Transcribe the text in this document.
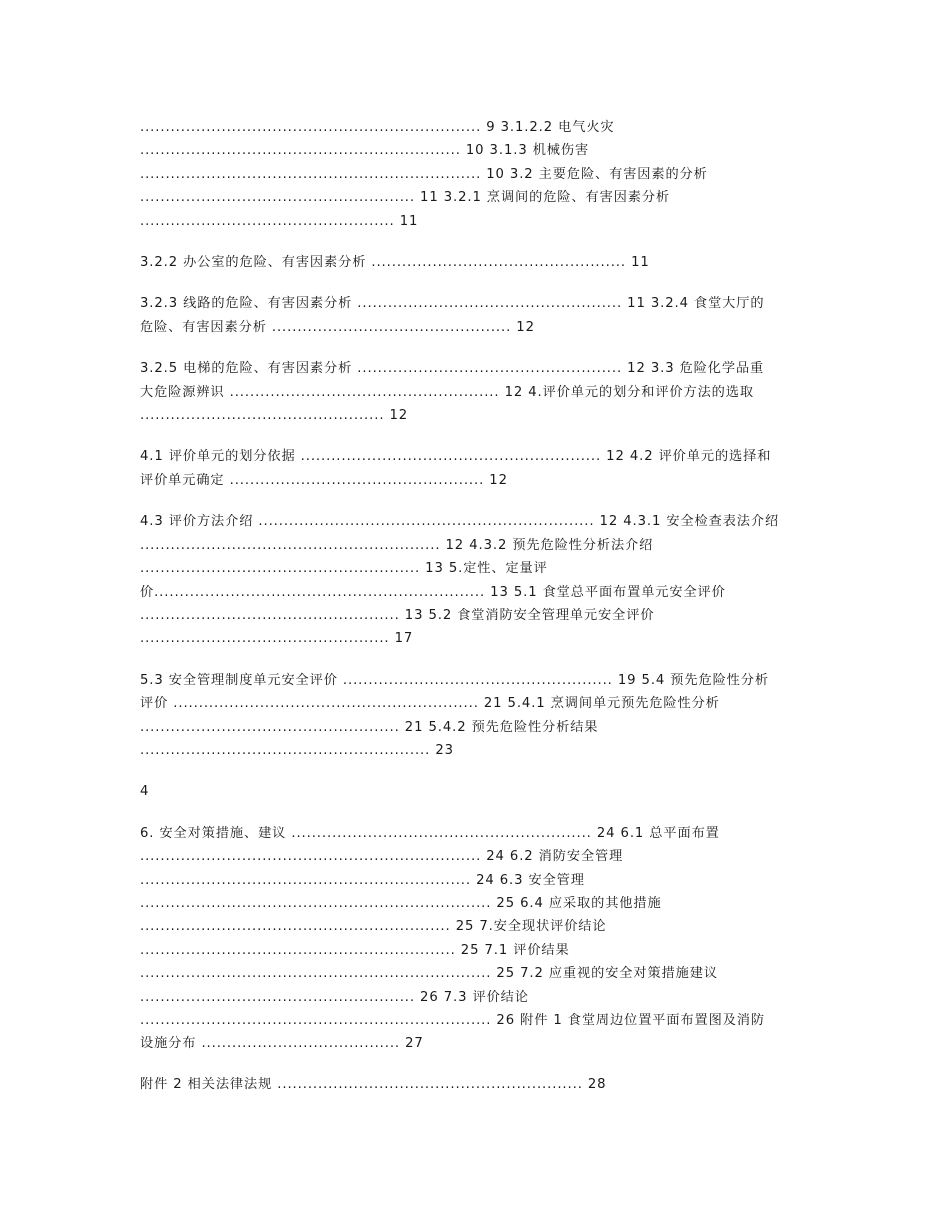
................................................................... 9 3.1.2.2 电气火灾
............................................................... 10 3.1.3 机械伤害
................................................................... 10 3.2 主要危险、有害因素的分析
...................................................... 11 3.2.1 烹调间的危险、有害因素分析
.................................................. 11
3.2.2 办公室的危险、有害因素分析 .................................................. 11
3.2.3 线路的危险、有害因素分析 .................................................... 11 3.2.4 食堂大厅的
危险、有害因素分析 ............................................... 12
3.2.5 电梯的危险、有害因素分析 .................................................... 12 3.3 危险化学品重
大危险源辨识 ..................................................... 12 4.评价单元的划分和评价方法的选取
................................................ 12
4.1 评价单元的划分依据 ........................................................... 12 4.2 评价单元的选择和
评价单元确定 .................................................. 12
4.3 评价方法介绍 .................................................................. 12 4.3.1 安全检查表法介绍
........................................................... 12 4.3.2 预先危险性分析法介绍
....................................................... 13 5.定性、定量评
价................................................................. 13 5.1 食堂总平面布置单元安全评价
................................................... 13 5.2 食堂消防安全管理单元安全评价
................................................. 17
5.3 安全管理制度单元安全评价 ..................................................... 19 5.4 预先危险性分析
评价 ............................................................ 21 5.4.1 烹调间单元预先危险性分析
................................................... 21 5.4.2 预先危险性分析结果
......................................................... 23
4
6. 安全对策措施、建议 ........................................................... 24 6.1 总平面布置
................................................................... 24 6.2 消防安全管理
................................................................. 24 6.3 安全管理
..................................................................... 25 6.4 应采取的其他措施
............................................................. 25 7.安全现状评价结论
.............................................................. 25 7.1 评价结果
..................................................................... 25 7.2 应重视的安全对策措施建议
...................................................... 26 7.3 评价结论
..................................................................... 26 附件 1 食堂周边位置平面布置图及消防
设施分布 ....................................... 27
附件 2 相关法律法规 ............................................................ 28
